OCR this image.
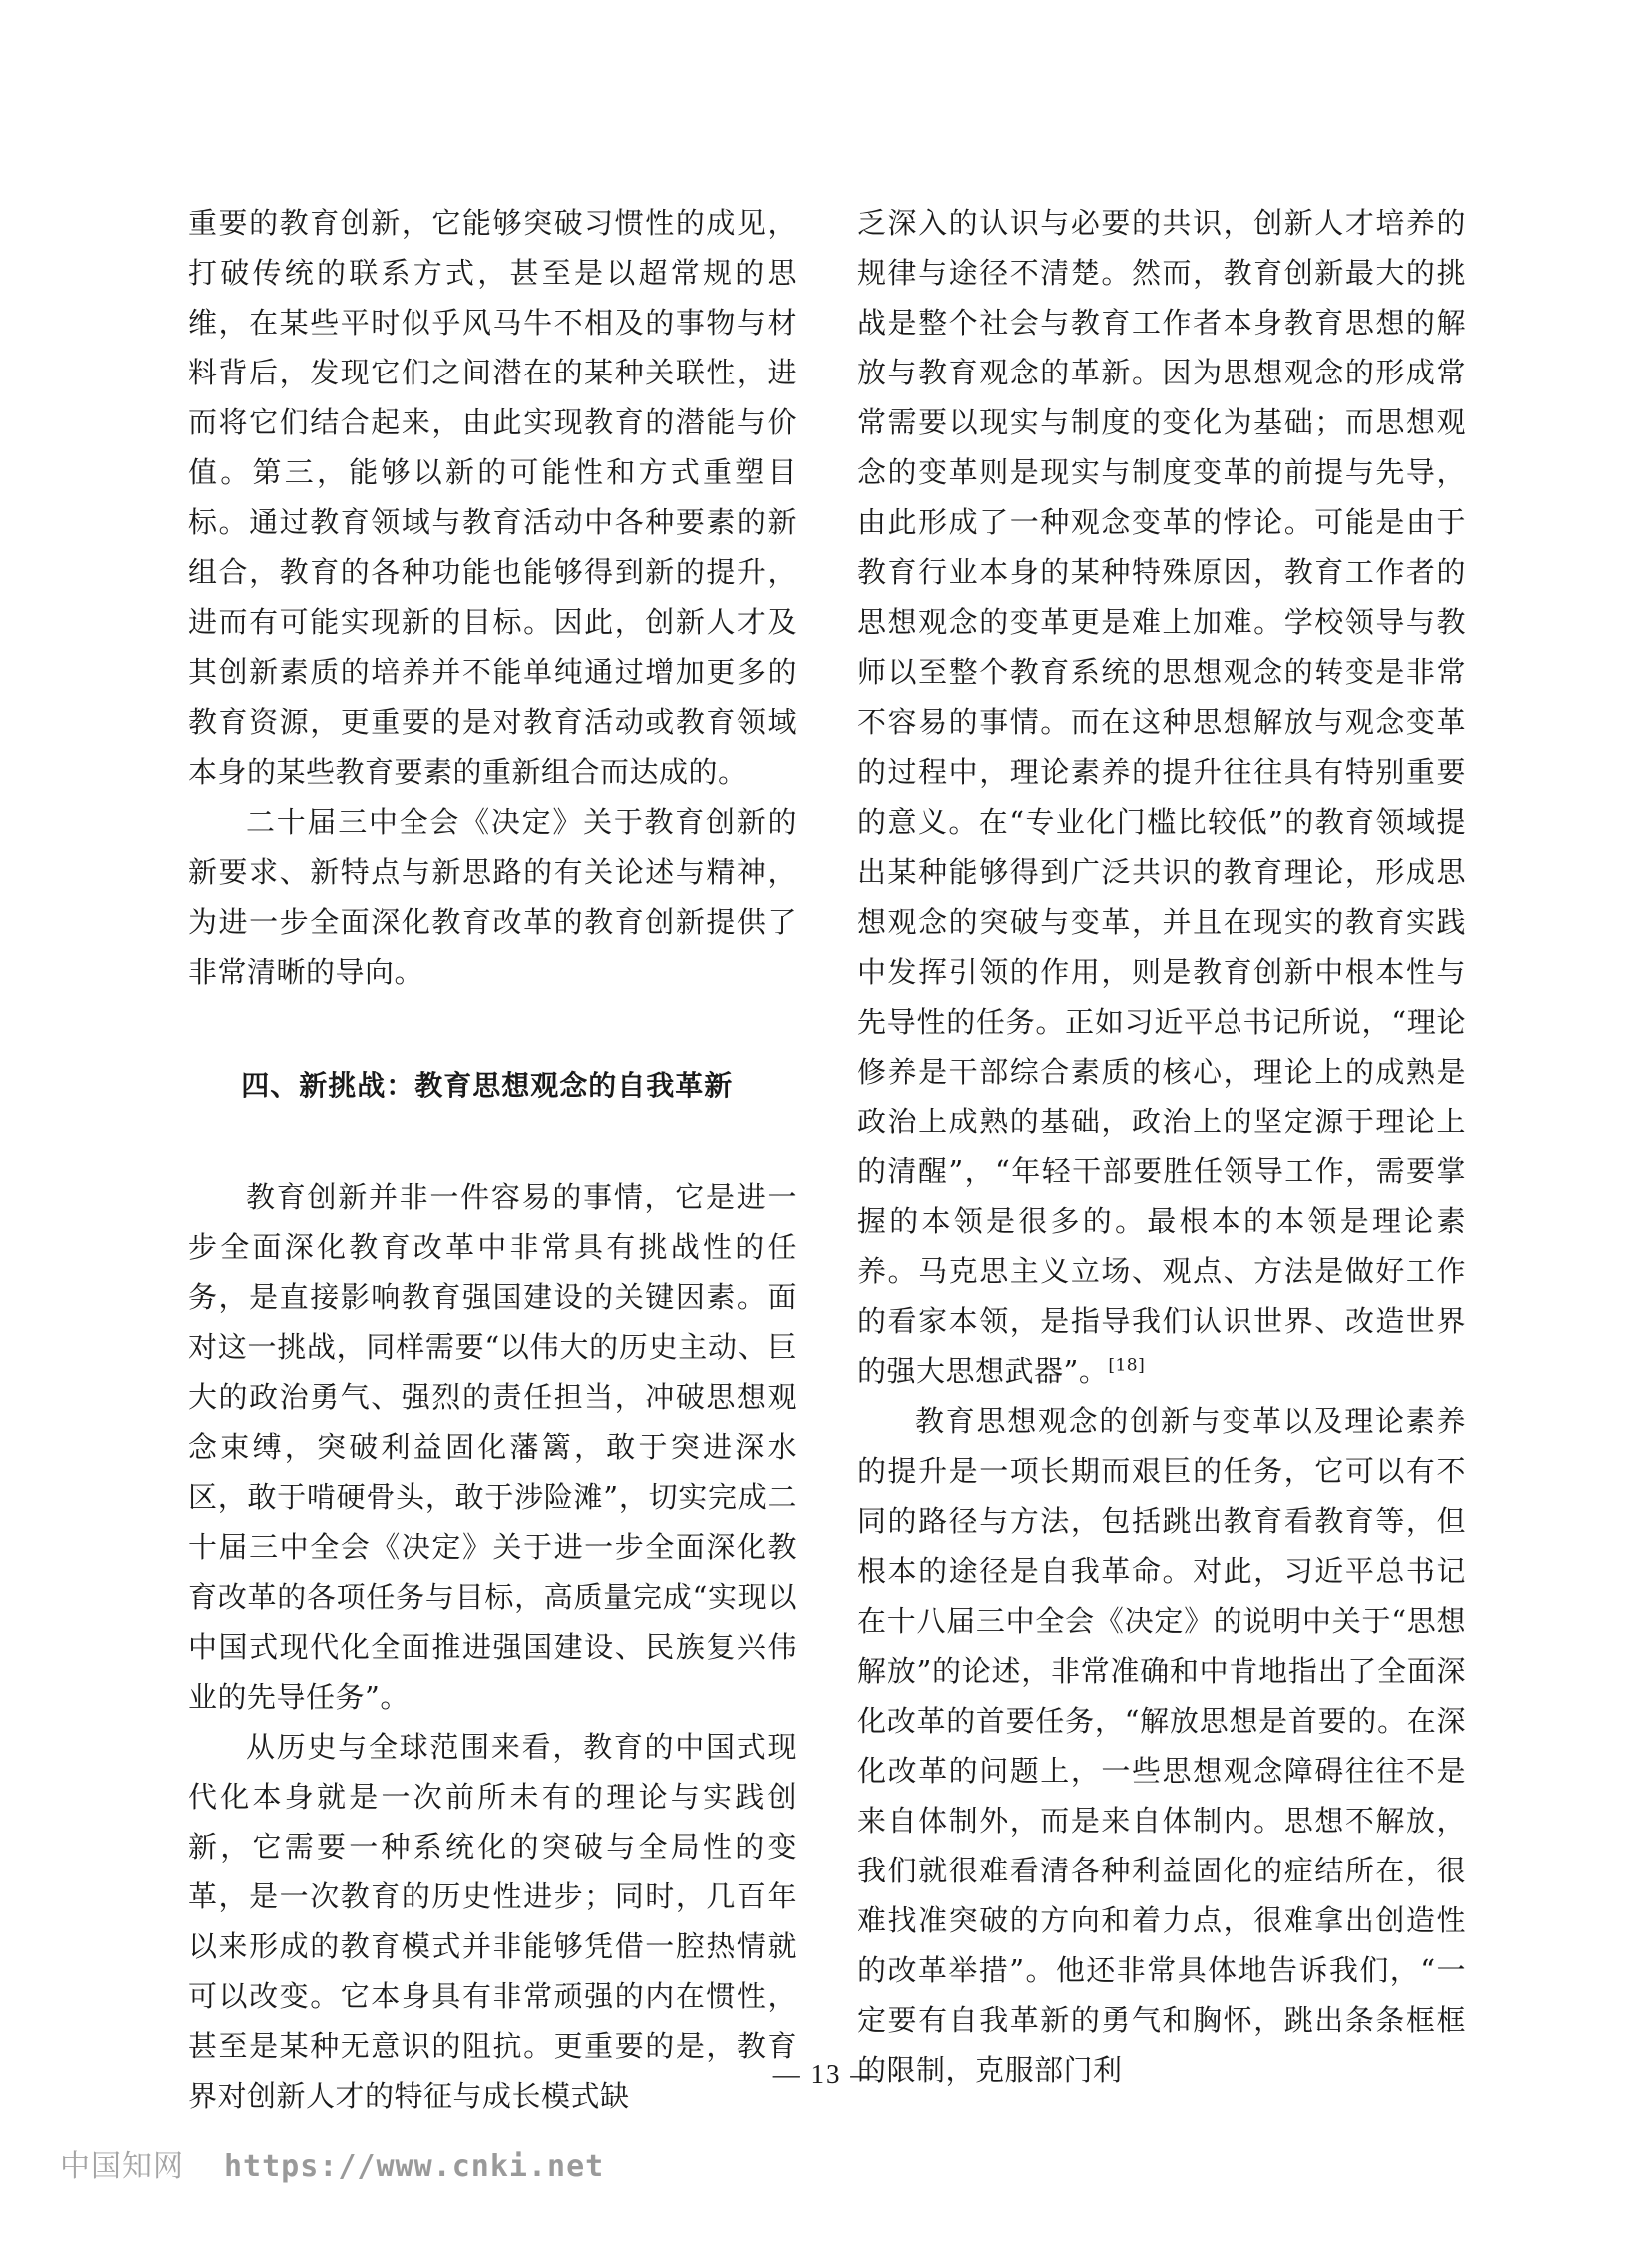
重要的教育创新，它能够突破习惯性的成见，打破传统的联系方式，甚至是以超常规的思维，在某些平时似乎风马牛不相及的事物与材料背后，发现它们之间潜在的某种关联性，进而将它们结合起来，由此实现教育的潜能与价值。第三，能够以新的可能性和方式重塑目标。通过教育领域与教育活动中各种要素的新组合，教育的各种功能也能够得到新的提升，进而有可能实现新的目标。因此，创新人才及其创新素质的培养并不能单纯通过增加更多的教育资源，更重要的是对教育活动或教育领域本身的某些教育要素的重新组合而达成的。

二十届三中全会《决定》关于教育创新的新要求、新特点与新思路的有关论述与精神，为进一步全面深化教育改革的教育创新提供了非常清晰的导向。

四、新挑战：教育思想观念的自我革新

教育创新并非一件容易的事情，它是进一步全面深化教育改革中非常具有挑战性的任务，是直接影响教育强国建设的关键因素。面对这一挑战，同样需要“以伟大的历史主动、巨大的政治勇气、强烈的责任担当，冲破思想观念束缚，突破利益固化藩篱，敢于突进深水区，敢于啃硬骨头，敢于涉险滩”，切实完成二十届三中全会《决定》关于进一步全面深化教育改革的各项任务与目标，高质量完成“实现以中国式现代化全面推进强国建设、民族复兴伟业的先导任务”。

从历史与全球范围来看，教育的中国式现代化本身就是一次前所未有的理论与实践创新，它需要一种系统化的突破与全局性的变革，是一次教育的历史性进步；同时，几百年以来形成的教育模式并非能够凭借一腔热情就可以改变。它本身具有非常顽强的内在惯性，甚至是某种无意识的阻抗。更重要的是，教育界对创新人才的特征与成长模式缺

乏深入的认识与必要的共识，创新人才培养的规律与途径不清楚。然而，教育创新最大的挑战是整个社会与教育工作者本身教育思想的解放与教育观念的革新。因为思想观念的形成常常需要以现实与制度的变化为基础；而思想观念的变革则是现实与制度变革的前提与先导，由此形成了一种观念变革的悖论。可能是由于教育行业本身的某种特殊原因，教育工作者的思想观念的变革更是难上加难。学校领导与教师以至整个教育系统的思想观念的转变是非常不容易的事情。而在这种思想解放与观念变革的过程中，理论素养的提升往往具有特别重要的意义。在“专业化门槛比较低”的教育领域提出某种能够得到广泛共识的教育理论，形成思想观念的突破与变革，并且在现实的教育实践中发挥引领的作用，则是教育创新中根本性与先导性的任务。正如习近平总书记所说，“理论修养是干部综合素质的核心，理论上的成熟是政治上成熟的基础，政治上的坚定源于理论上的清醒”，“年轻干部要胜任领导工作，需要掌握的本领是很多的。最根本的本领是理论素养。马克思主义立场、观点、方法是做好工作的看家本领，是指导我们认识世界、改造世界的强大思想武器”。[18]

教育思想观念的创新与变革以及理论素养的提升是一项长期而艰巨的任务，它可以有不同的路径与方法，包括跳出教育看教育等，但根本的途径是自我革命。对此，习近平总书记在十八届三中全会《决定》的说明中关于“思想解放”的论述，非常准确和中肯地指出了全面深化改革的首要任务，“解放思想是首要的。在深化改革的问题上，一些思想观念障碍往往不是来自体制外，而是来自体制内。思想不解放，我们就很难看清各种利益固化的症结所在，很难找准突破的方向和着力点，很难拿出创造性的改革举措”。他还非常具体地告诉我们，“一定要有自我革新的勇气和胸怀，跳出条条框框的限制，克服部门利

— 13 —
中国知网 https://www.cnki.net
